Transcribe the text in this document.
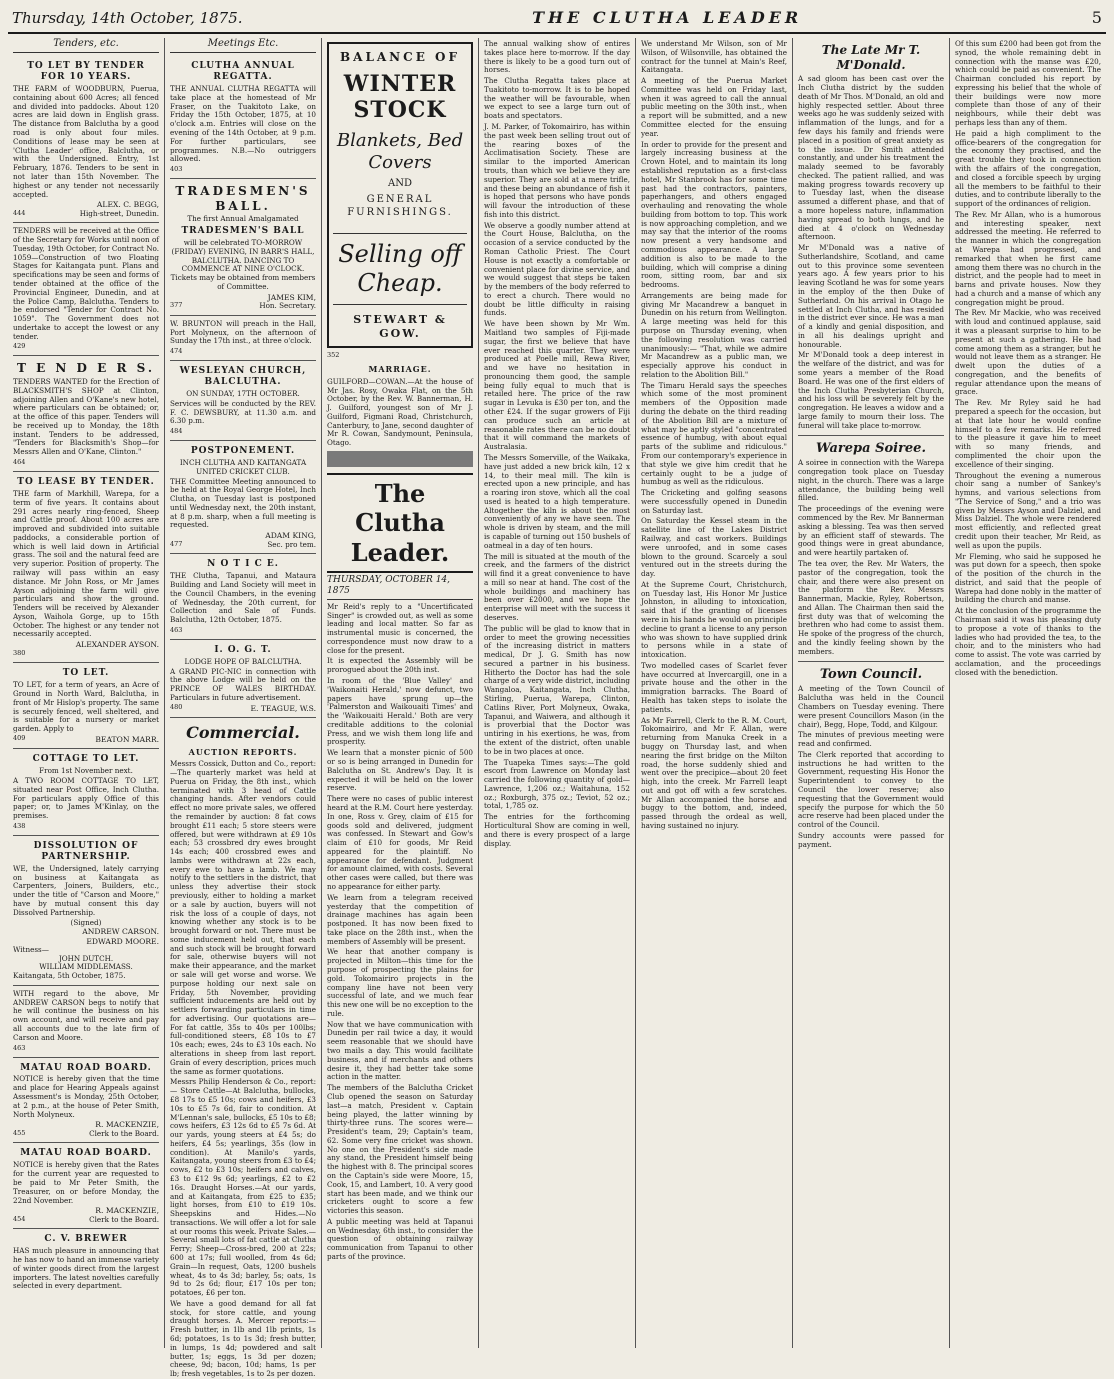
Thursday, 14th October, 1875.	THE CLUTHA LEADER	5
Tenders, etc.
TO LET BY TENDER FOR 10 YEARS.

THE FARM of WOODBURN, Puerua, containing about 600 Acres; all fenced and divided into paddocks. About 120 acres are laid down in English grass. The distance from Balclutha by a good road is only about four miles. Conditions of lease may be seen at 'Clutha Leader' office, Balclutha, or with the Undersigned. Entry, 1st February, 1876. Tenders to be sent in not later than 15th November. The highest or any tender not necessarily accepted.

ALEX. C. BEGG,
444	High-street, Dunedin.

TENDERS will be received at the Office of the Secretary for Works until noon of Tuesday, 19th October, for Contract No. 1059—Construction of two Floating Stages for Kaitangata punt. Plans and specifications may be seen and forms of tender obtained at the office of the Provincial Engineer, Dunedin, and at the Police Camp, Balclutha. Tenders to be endorsed "Tender for Contract No. 1059". The Government does not undertake to accept the lowest or any tender.

429
T E N D E R S.

TENDERS WANTED for the Erection of BLACKSMITH'S SHOP at Clinton, adjoining Allen and O'Kane's new hotel, where particulars can be obtained; or, at the office of this paper. Tenders will be received up to Monday, the 18th instant. Tenders to be addressed, "Tenders for Blacksmith's Shop—for Messrs Allen and O'Kane, Clinton."

464
TO LEASE BY TENDER.

THE farm of Markhill, Warepa, for a term of five years. It contains about 291 acres nearly ring-fenced, Sheep and Cattle proof. About 100 acres are improved and subdivided into suitable paddocks, a considerable portion of which is well laid down in Artificial grass. The soil and the natural feed are very superior. Position of property. The railway will pass within an easy distance. Mr John Ross, or Mr James Ayson adjoining the farm will give particulars and show the ground. Tenders will be received by Alexander Ayson, Waihola Gorge, up to 15th October. The highest or any tender not necessarily accepted.

ALEXANDER AYSON.
380
TO LET.

TO LET, for a term of years, an Acre of Ground in North Ward, Balclutha, in front of Mr Hislop's property. The same is securely fenced, well sheltered, and is suitable for a nursery or market garden. Apply to

409	BEATON MARR.
COTTAGE TO LET.
From 1st November next.

A TWO ROOM COTTAGE TO LET, situated near Post Office, Inch Clutha. For particulars apply Office of this paper; or, to James M'Kinlay, on the premises.

438
DISSOLUTION OF PARTNERSHIP.

WE, the Undersigned, lately carrying on business at Kaitangata as Carpenters, Joiners, Builders, etc., under the title of "Carson and Moore," have by mutual consent this day Dissolved Partnership.

(Signed)
ANDREW CARSON.
EDWARD MOORE.
Witness—
JOHN DUTCH.
WILLIAM MIDDLEMASS.
Kaitangata, 5th October, 1875.

WITH regard to the above, Mr ANDREW CARSON begs to notify that he will continue the business on his own account, and will receive and pay all accounts due to the late firm of Carson and Moore.

463
MATAU ROAD BOARD.

NOTICE is hereby given that the time and place for Hearing Appeals against Assessment's is Monday, 25th October, at 2 p.m., at the house of Peter Smith, North Molyneux.

R. MACKENZIE,
455	Clerk to the Board.
MATAU ROAD BOARD.

NOTICE is hereby given that the Rates for the current year are requested to be paid to Mr Peter Smith, the Treasurer, on or before Monday, the 22nd November.

R. MACKENZIE,
454	Clerk to the Board.
C. V. BREWER

HAS much pleasure in announcing that he has now to hand an immense variety of winter goods direct from the largest importers. The latest novelties carefully selected in every department.

Meetings Etc.
CLUTHA ANNUAL REGATTA.

THE ANNUAL CLUTHA REGATTA will take place at the homestead of Mr Fraser, on the Tuakitoto Lake, on Friday the 15th October, 1875, at 10 o'clock a.m. Entries will close on the evening of the 14th October, at 9 p.m. For further particulars, see programmes. N.B.—No outriggers allowed.

403
TRADESMEN'S BALL.
The first Annual Amalgamated
TRADESMEN'S BALL

will be celebrated TO-MORROW (FRIDAY) EVENING, IN BARR'S HALL, BALCLUTHA. DANCING TO COMMENCE AT NINE O'CLOCK. Tickets may be obtained from members of Committee.

JAMES KIM,
377	Hon. Secretary.

W. BRUNTON will preach in the Hall, Port Molyneux, on the afternoon of Sunday the 17th inst., at three o'clock.

474
WESLEYAN CHURCH, BALCLUTHA.
ON SUNDAY, 17TH OCTOBER.

Services will be conducted by the REV. F. C. DEWSBURY, at 11.30 a.m. and 6.30 p.m.

484
POSTPONEMENT.
INCH CLUTHA AND KAITANGATA UNITED CRICKET CLUB.

THE Committee Meeting announced to be held at the Royal George Hotel, Inch Clutha, on Tuesday last is postponed until Wednesday next, the 20th instant, at 8 p.m. sharp, when a full meeting is requested.

ADAM KING,
477	Sec. pro tem.
N O T I C E.

THE Clutha, Tapanui, and Mataura Building and Land Society will meet in the Council Chambers, in the evening of Wednesday, the 20th current, for Collection and Sale of Funds. Balclutha, 12th October, 1875.

463
I. O. G. T.
LODGE HOPE OF BALCLUTHA.

A GRAND PIC-NIC in connection with the above Lodge will be held on the PRINCE OF WALES BIRTHDAY. Particulars in future advertisement.

480	E. TEAGUE, W.S.
Commercial.
AUCTION REPORTS.

Messrs Cossick, Dutton and Co., report:—The quarterly market was held at Puerua on Friday, the 8th inst., which terminated with 3 head of Cattle changing hands. After vendors could effect no more private sales, we offered the remainder by auction: 8 fat cows brought £11 each; 5 store steers were offered, but were withdrawn at £9 10s each; 53 crossbred dry ewes brought 14s each; 400 crossbred ewes and lambs were withdrawn at 22s each, every ewe to have a lamb. We may notify to the settlers in the district, that unless they advertise their stock previously, either to holding a market or a sale by auction, buyers will not risk the loss of a couple of days, not knowing whether any stock is to be brought forward or not. There must be some inducement held out, that each and such stock will be brought forward for sale, otherwise buyers will not make their appearance, and the market or sale will get worse and worse. We purpose holding our next sale on Friday, 5th November, providing sufficient inducements are held out by settlers forwarding particulars in time for advertising. Our quotations are—For fat cattle, 35s to 40s per 100lbs; full-conditioned steers, £8 10s to £7 10s each; ewes, 24s to £3 10s each. No alterations in sheep from last report. Grain of every description, prices much the same as former quotations.

Messrs Philip Henderson & Co., report:— Store Cattle—At Balclutha, bullocks, £8 17s to £5 10s; cows and heifers, £3 10s to £5 7s 6d, fair to condition. At M'Lennan's sale, bullocks, £5 10s to £8; cows heifers, £3 12s 6d to £5 7s 6d. At our yards, young steers at £4 5s; do heifers, £4 5s; yearlings, 35s (low in condition). At Manilo's yards, Kaitangata, young steers from £3 to £4; cows, £2 to £3 10s; heifers and calves, £3 to £12 9s 6d; yearlings, £2 to £2 16s. Draught Horses.—At our yards, and at Kaitangata, from £25 to £35; light horses, from £10 to £19 10s. Sheepskins and Hides.—No transactions. We will offer a lot for sale at our rooms this week. Private Sales.—Several small lots of fat cattle at Clutha Ferry; Sheep—Cross-bred, 200 at 22s; 600 at 17s; full woolled, from 4s 6d; Grain—In request, Oats, 1200 bushels wheat, 4s to 4s 3d; barley, 5s; oats, 1s 9d to 2s 6d; flour, £17 10s per ton; potatoes, £6 per ton.

We have a good demand for all fat stock, for store cattle, and young draught horses. A. Mercer reports:—Fresh butter, in 1lb and 1lb prints, 1s 6d; potatoes, 1s to 1s 3d; fresh butter, in lumps, 1s 4d; powdered and salt butter, 1s; eggs, 1s 3d per dozen; cheese, 9d; bacon, 10d; hams, 1s per lb; fresh vegetables, 1s to 2s per dozen.

BALANCE OF
WINTER STOCK
Blankets, Bed Covers
AND
GENERAL FURNISHINGS.
Selling off Cheap.
STEWART & GOW.
352
MARRIAGE.

GUILFORD—COWAN.—At the house of Mr Jas. Rosy, Owaka Flat, on the 5th October, by the Rev. W. Bannerman, H. J. Guilford, youngest son of Mr J. Guilford, Figmani Road, Christchurch, Canterbury, to Jane, second daughter of Mr R. Cowan, Sandymount, Peninsula, Otago.

The Clutha Leader.
THURSDAY, OCTOBER 14, 1875

Mr Reid's reply to a "Uncertificated Singer" is crowded out, as well as some leading and local matter. So far as instrumental music is concerned, the correspondence must now draw to a close for the present.

It is expected the Assembly will be prorogued about the 20th inst.

In room of the 'Blue Valley' and 'Waikonaiti Herald,' now defunct, two papers have sprung up—the 'Palmerston and Waikouaiti Times' and the 'Waikouaiti Herald.' Both are very creditable additions to the colonial Press, and we wish them long life and prosperity.

We learn that a monster picnic of 500 or so is being arranged in Dunedin for Balclutha on St. Andrew's Day. It is expected it will be held on the lower reserve.

There were no cases of public interest heard at the R.M. Court here yesterday. In one, Ross v. Grey, claim of £15 for goods sold and delivered, judgment was confessed. In Stewart and Gow's claim of £10 for goods, Mr Reid appeared for the plaintiff. No appearance for defendant. Judgment for amount claimed, with costs. Several other cases were called, but there was no appearance for either party.

We learn from a telegram received yesterday that the competition of drainage machines has again been postponed. It has now been fixed to take place on the 28th inst., when the members of Assembly will be present.

We hear that another company is projected in Milton—this time for the purpose of prospecting the plains for gold. Tokomairiro projects in the company line have not been very successful of late, and we much fear this new one will be no exception to the rule.

Now that we have communication with Dunedin per rail twice a day, it would seem reasonable that we should have two mails a day. This would facilitate business, and if merchants and others desire it, they had better take some action in the matter.

The members of the Balclutha Cricket Club opened the season on Saturday last—a match, President v. Captain being played, the latter winning by thirty-three runs. The scores were—President's team, 29; Captain's team, 62. Some very fine cricket was shown. No one on the President's side made any stand, the President himself being the highest with 8. The principal scores on the Captain's side were Moore, 15, Cook, 15, and Lambert, 10. A very good start has been made, and we think our cricketers ought to score a few victories this season.

A public meeting was held at Tapanui on Wednesday, 6th inst., to consider the question of obtaining railway communication from Tapanui to other parts of the province.

The annual walking show of entires takes place here to-morrow. If the day there is likely to be a good turn out of horses.

The Clutha Regatta takes place at Tuakitoto to-morrow. It is to be hoped the weather will be favourable, when we expect to see a large turn out of boats and spectators.

J. M. Parker, of Tokomairiro, has within the past week been selling trout out of the rearing boxes of the Acclimatisation Society. These are similar to the imported American trouts, than which we believe they are superior. They are sold at a mere trifle, and these being an abundance of fish it is hoped that persons who have ponds will favour the introduction of these fish into this district.

We observe a goodly number attend at the Court House, Balclutha, on the occasion of a service conducted by the Roman Catholic Priest. The Court House is not exactly a comfortable or convenient place for divine service, and we would suggest that steps be taken by the members of the body referred to to erect a church. There would no doubt be little difficulty in raising funds.

We have been shown by Mr Wm. Maitland two samples of Fiji-made sugar, the first we believe that have ever reached this quarter. They were produced at Poelle mill, Rewa River, and we have no hesitation in pronouncing them good, the sample being fully equal to much that is retailed here. The price of the raw sugar in Levuka is £30 per ton, and the other £24. If the sugar growers of Fiji can produce such an article at reasonable rates there can be no doubt that it will command the markets of Australasia.

The Messrs Somerville, of the Waikaka, have just added a new brick kiln, 12 x 14, to their meal mill. The kiln is erected upon a new principle, and has a roaring iron stove, which all the coal used is heated to a high temperature. Altogether the kiln is about the most conveniently of any we have seen. The whole is driven by steam, and the mill is capable of turning out 150 bushels of oatmeal in a day of ten hours.

The mill is situated at the mouth of the creek, and the farmers of the district will find it a great convenience to have a mill so near at hand. The cost of the whole buildings and machinery has been over £2000, and we hope the enterprise will meet with the success it deserves.

The public will be glad to know that in order to meet the growing necessities of the increasing district in matters medical, Dr J. G. Smith has now secured a partner in his business. Hitherto the Doctor has had the sole charge of a very wide district, including Wangaloa, Kaitangata, Inch Clutha, Stirling, Puerua, Warepa, Clinton, Catlins River, Port Molyneux, Owaka, Tapanui, and Waiwera, and although it is proverbial that the Doctor was untiring in his exertions, he was, from the extent of the district, often unable to be in two places at once.

The Tuapeka Times says:—The gold escort from Lawrence on Monday last carried the following quantity of gold—Lawrence, 1,206 oz.; Waitahuna, 152 oz.; Roxburgh, 375 oz.; Teviot, 52 oz.; total, 1,785 oz.

The entries for the forthcoming Horticultural Show are coming in well, and there is every prospect of a large display.

We understand Mr Wilson, son of Mr Wilson, of Wilsonville, has obtained the contract for the tunnel at Main's Reef, Kaitangata.

A meeting of the Puerua Market Committee was held on Friday last, when it was agreed to call the annual public meeting on the 30th inst., when a report will be submitted, and a new Committee elected for the ensuing year.

In order to provide for the present and largely increasing business at the Crown Hotel, and to maintain its long established reputation as a first-class hotel, Mr Stanbrook has for some time past had the contractors, painters, paperhangers, and others engaged overhauling and renovating the whole building from bottom to top. This work is now approaching completion, and we may say that the interior of the rooms now present a very handsome and commodious appearance. A large addition is also to be made to the building, which will comprise a dining room, sitting room, bar and six bedrooms.

Arrangements are being made for giving Mr Macandrew a banquet in Dunedin on his return from Wellington. A large meeting was held for this purpose on Thursday evening, when the following resolution was carried unanimously:— "That, while we admire Mr Macandrew as a public man, we especially approve his conduct in relation to the Abolition Bill."

The Timaru Herald says the speeches which some of the most prominent members of the Opposition made during the debate on the third reading of the Abolition Bill are a mixture of what may be aptly styled "concentrated essence of humbug, with about equal parts of the sublime and ridiculous." From our contemporary's experience in that style we give him credit that he certainly ought to be a judge of humbug as well as the ridiculous.

The Cricketing and golfing seasons were successfully opened in Dunedin on Saturday last.

On Saturday the Kessel steam in the satellite line of the Lakes District Railway, and cast workers. Buildings were unroofed, and in some cases blown to the ground. Scarcely a soul ventured out in the streets during the day.

At the Supreme Court, Christchurch, on Tuesday last, His Honor Mr Justice Johnston, in alluding to intoxication, said that if the granting of licenses were in his hands he would on principle decline to grant a license to any person who was shown to have supplied drink to persons while in a state of intoxication.

Two modelled cases of Scarlet fever have occurred at Invercargill, one in a private house and the other in the immigration barracks. The Board of Health has taken steps to isolate the patients.

As Mr Farrell, Clerk to the R. M. Court, Tokomairiro, and Mr F. Allan, were returning from Manuka Creek in a buggy on Thursday last, and when nearing the first bridge on the Milton road, the horse suddenly shied and went over the precipice—about 20 feet high, into the creek. Mr Farrell leapt out and got off with a few scratches. Mr Allan accompanied the horse and buggy to the bottom, and, indeed, passed through the ordeal as well, having sustained no injury.

The Late Mr T. M'Donald.

A sad gloom has been cast over the Inch Clutha district by the sudden death of Mr Thos. M'Donald, an old and highly respected settler. About three weeks ago he was suddenly seized with inflammation of the lungs, and for a few days his family and friends were placed in a position of great anxiety as to the issue. Dr Smith attended constantly, and under his treatment the malady seemed to be favorably checked. The patient rallied, and was making progress towards recovery up to Tuesday last, when the disease assumed a different phase, and that of a more hopeless nature, inflammation having spread to both lungs, and he died at 4 o'clock on Wednesday afternoon.

Mr M'Donald was a native of Sutherlandshire, Scotland, and came out to this province some seventeen years ago. A few years prior to his leaving Scotland he was for some years in the employ of the then Duke of Sutherland. On his arrival in Otago he settled at Inch Clutha, and has resided in the district ever since. He was a man of a kindly and genial disposition, and in all his dealings upright and honourable.

Mr M'Donald took a deep interest in the welfare of the district, and was for some years a member of the Road Board. He was one of the first elders of the Inch Clutha Presbyterian Church, and his loss will be severely felt by the congregation. He leaves a widow and a large family to mourn their loss. The funeral will take place to-morrow.

Warepa Soiree.

A soiree in connection with the Warepa congregation took place on Tuesday night, in the church. There was a large attendance, the building being well filled.

The proceedings of the evening were commenced by the Rev. Mr Bannerman asking a blessing. Tea was then served by an efficient staff of stewards. The good things were in great abundance, and were heartily partaken of.

The tea over, the Rev. Mr Waters, the pastor of the congregation, took the chair, and there were also present on the platform the Rev. Messrs Bannerman, Mackie, Ryley, Robertson, and Allan. The Chairman then said the first duty was that of welcoming the brethren who had come to assist them. He spoke of the progress of the church, and the kindly feeling shown by the members.

Town Council.

A meeting of the Town Council of Balclutha was held in the Council Chambers on Tuesday evening. There were present Councillors Mason (in the chair), Begg, Hope, Todd, and Kilgour.

The minutes of previous meeting were read and confirmed.

The Clerk reported that according to instructions he had written to the Government, requesting His Honor the Superintendent to convey to the Council the lower reserve; also requesting that the Government would specify the purpose for which the 50 acre reserve had been placed under the control of the Council.

Sundry accounts were passed for payment.

Of this sum £200 had been got from the synod, the whole remaining debt in connection with the manse was £20, which could be paid as convenient. The Chairman concluded his report by expressing his belief that the whole of their buildings were now more complete than those of any of their neighbours, while their debt was perhaps less than any of them.

He paid a high compliment to the office-bearers of the congregation for the economy they practised, and the great trouble they took in connection with the affairs of the congregation, and closed a forcible speech by urging all the members to be faithful to their duties, and to contribute liberally to the support of the ordinances of religion.

The Rev. Mr Allan, who is a humorous and interesting speaker, next addressed the meeting. He referred to the manner in which the congregation at Warepa had progressed, and remarked that when he first came among them there was no church in the district, and the people had to meet in barns and private houses. Now they had a church and a manse of which any congregation might be proud.

The Rev. Mr Mackie, who was received with loud and continued applause, said it was a pleasant surprise to him to be present at such a gathering. He had come among them as a stranger, but he would not leave them as a stranger. He dwelt upon the duties of a congregation, and the benefits of regular attendance upon the means of grace.

The Rev. Mr Ryley said he had prepared a speech for the occasion, but at that late hour he would confine himself to a few remarks. He referred to the pleasure it gave him to meet with so many friends, and complimented the choir upon the excellence of their singing.

Throughout the evening a numerous choir sang a number of Sankey's hymns, and various selections from "The Service of Song," and a trio was given by Messrs Ayson and Dalziel, and Miss Dalziel. The whole were rendered most efficiently, and reflected great credit upon their teacher, Mr Reid, as well as upon the pupils.

Mr Fleming, who said he supposed he was put down for a speech, then spoke of the position of the church in the district, and said that the people of Warepa had done nobly in the matter of building the church and manse.

At the conclusion of the programme the Chairman said it was his pleasing duty to propose a vote of thanks to the ladies who had provided the tea, to the choir, and to the ministers who had come to assist. The vote was carried by acclamation, and the proceedings closed with the benediction.
